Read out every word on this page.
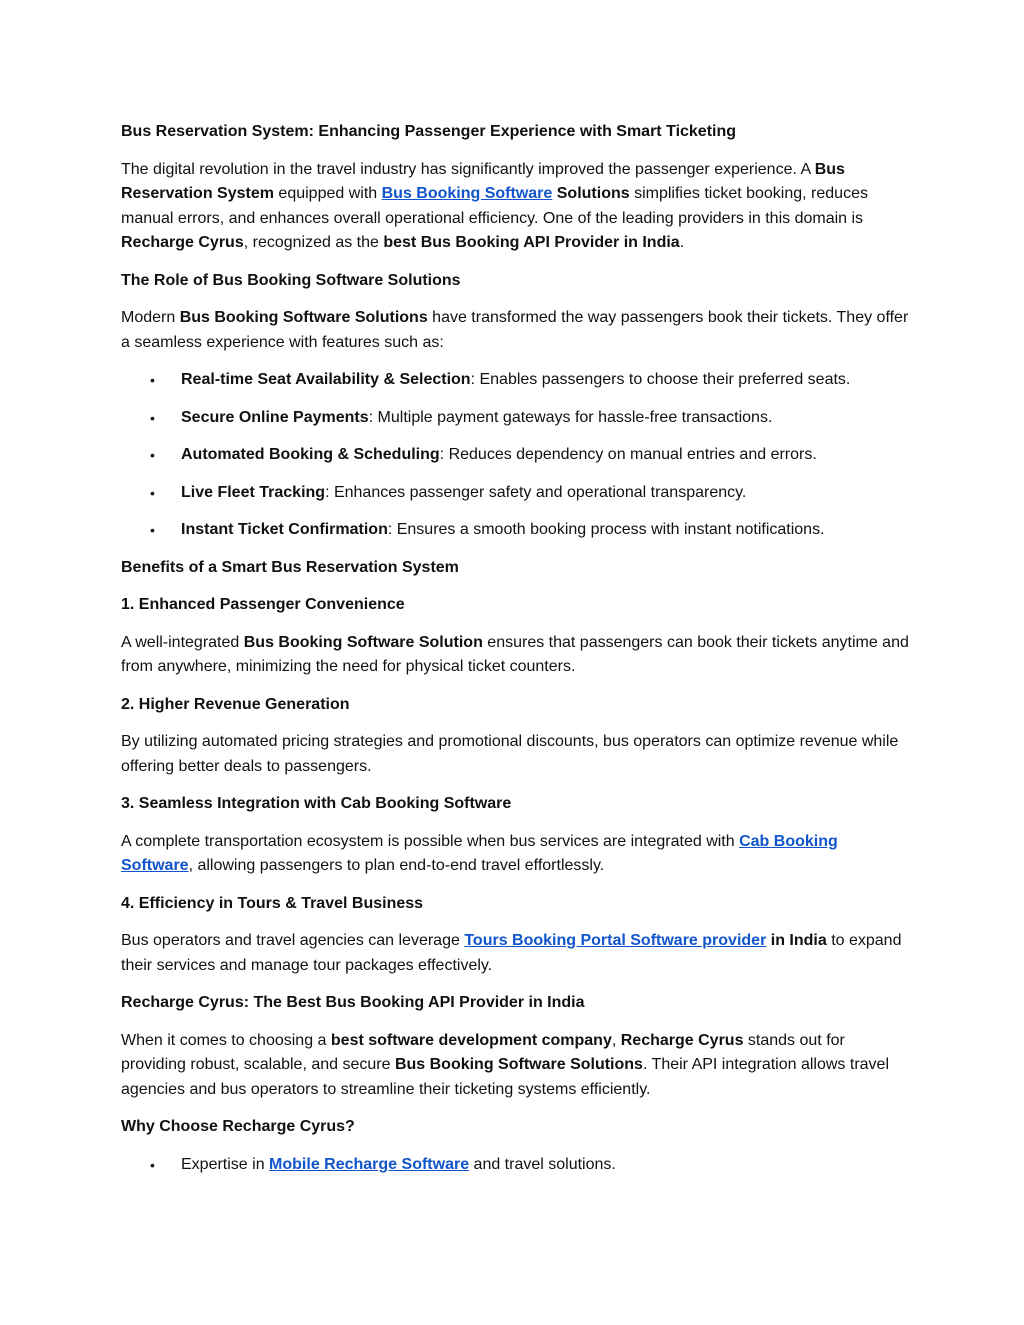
Bus Reservation System: Enhancing Passenger Experience with Smart Ticketing
The digital revolution in the travel industry has significantly improved the passenger experience. A Bus Reservation System equipped with Bus Booking Software Solutions simplifies ticket booking, reduces manual errors, and enhances overall operational efficiency. One of the leading providers in this domain is Recharge Cyrus, recognized as the best Bus Booking API Provider in India.
The Role of Bus Booking Software Solutions
Modern Bus Booking Software Solutions have transformed the way passengers book their tickets. They offer a seamless experience with features such as:
• Real-time Seat Availability & Selection: Enables passengers to choose their preferred seats.
• Secure Online Payments: Multiple payment gateways for hassle-free transactions.
• Automated Booking & Scheduling: Reduces dependency on manual entries and errors.
• Live Fleet Tracking: Enhances passenger safety and operational transparency.
• Instant Ticket Confirmation: Ensures a smooth booking process with instant notifications.
Benefits of a Smart Bus Reservation System
1. Enhanced Passenger Convenience
A well-integrated Bus Booking Software Solution ensures that passengers can book their tickets anytime and from anywhere, minimizing the need for physical ticket counters.
2. Higher Revenue Generation
By utilizing automated pricing strategies and promotional discounts, bus operators can optimize revenue while offering better deals to passengers.
3. Seamless Integration with Cab Booking Software
A complete transportation ecosystem is possible when bus services are integrated with Cab Booking Software, allowing passengers to plan end-to-end travel effortlessly.
4. Efficiency in Tours & Travel Business
Bus operators and travel agencies can leverage Tours Booking Portal Software provider in India to expand their services and manage tour packages effectively.
Recharge Cyrus: The Best Bus Booking API Provider in India
When it comes to choosing a best software development company, Recharge Cyrus stands out for providing robust, scalable, and secure Bus Booking Software Solutions. Their API integration allows travel agencies and bus operators to streamline their ticketing systems efficiently.
Why Choose Recharge Cyrus?
• Expertise in Mobile Recharge Software and travel solutions.
